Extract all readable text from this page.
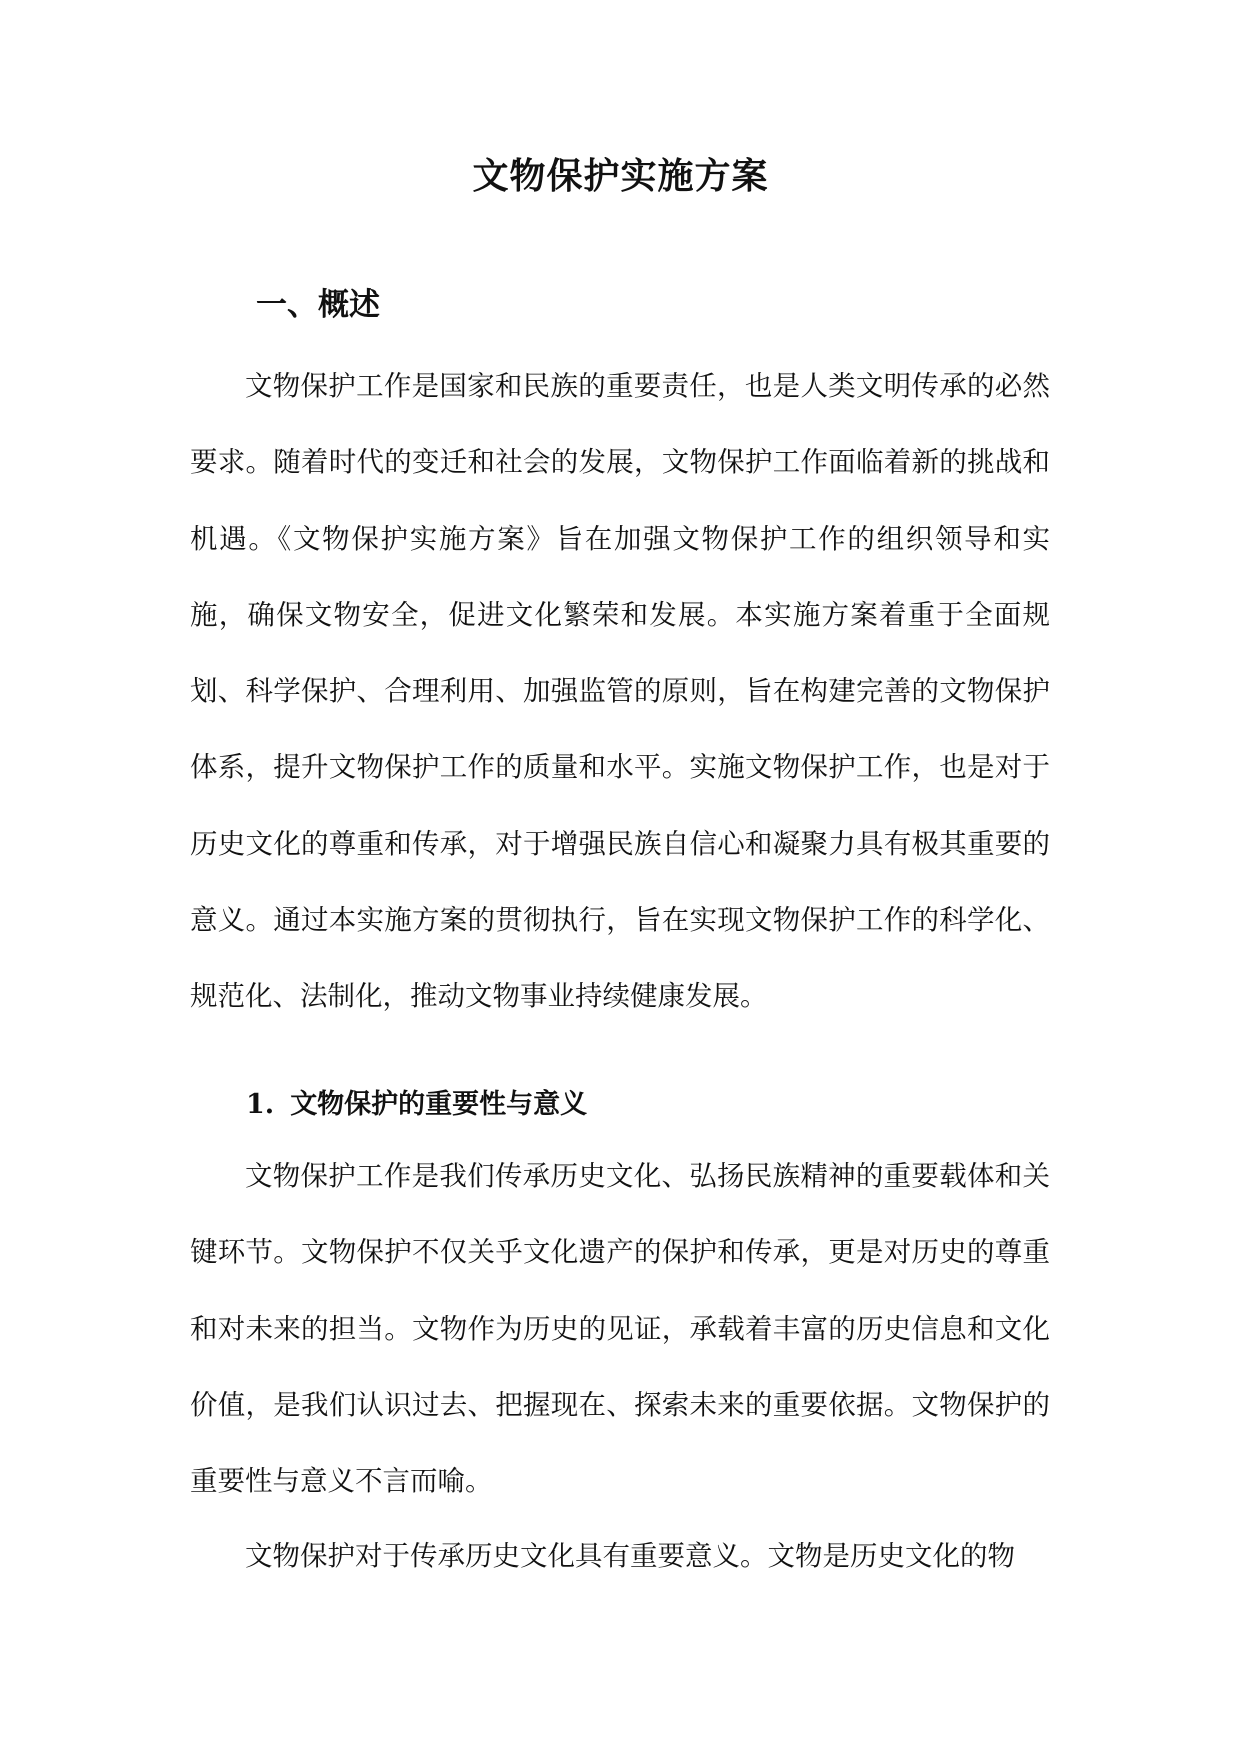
文物保护实施方案
一、概述

文物保护工作是国家和民族的重要责任，也是人类文明传承的必然要求。随着时代的变迁和社会的发展，文物保护工作面临着新的挑战和机遇。《文物保护实施方案》旨在加强文物保护工作的组织领导和实施，确保文物安全，促进文化繁荣和发展。本实施方案着重于全面规划、科学保护、合理利用、加强监管的原则，旨在构建完善的文物保护体系，提升文物保护工作的质量和水平。实施文物保护工作，也是对于历史文化的尊重和传承，对于增强民族自信心和凝聚力具有极其重要的意义。通过本实施方案的贯彻执行，旨在实现文物保护工作的科学化、规范化、法制化，推动文物事业持续健康发展。

1. 文物保护的重要性与意义

文物保护工作是我们传承历史文化、弘扬民族精神的重要载体和关键环节。文物保护不仅关乎文化遗产的保护和传承，更是对历史的尊重和对未来的担当。文物作为历史的见证，承载着丰富的历史信息和文化价值，是我们认识过去、把握现在、探索未来的重要依据。文物保护的重要性与意义不言而喻。

文物保护对于传承历史文化具有重要意义。文物是历史文化的物
